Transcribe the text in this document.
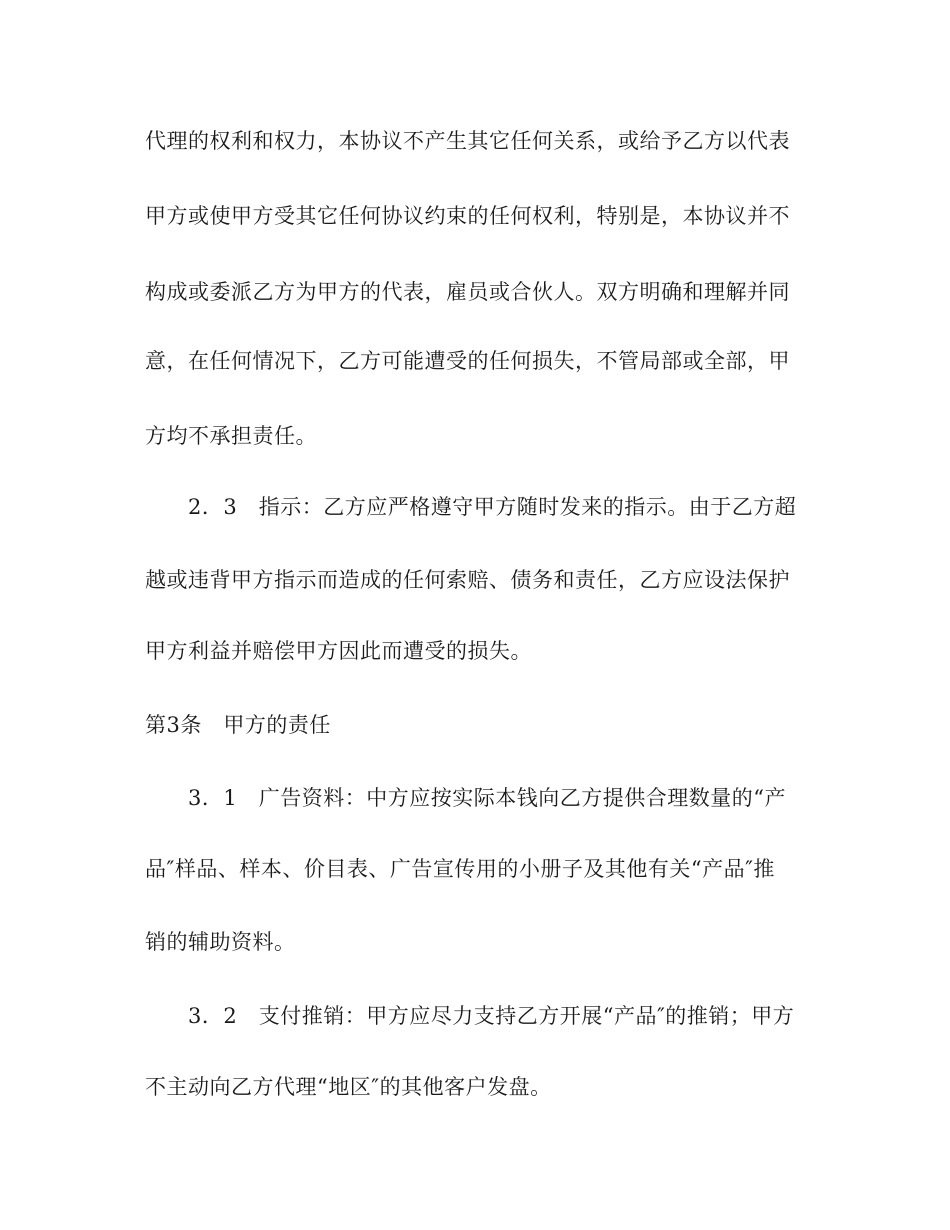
代理的权利和权力，本协议不产生其它任何关系，或给予乙方以代表
甲方或使甲方受其它任何协议约束的任何权利，特别是，本协议并不
构成或委派乙方为甲方的代表，雇员或合伙人。双方明确和理解并同
意，在任何情况下，乙方可能遭受的任何损失，不管局部或全部，甲
方均不承担责任。
　　2．3　指示：乙方应严格遵守甲方随时发来的指示。由于乙方超
越或违背甲方指示而造成的任何索赔、债务和责任，乙方应设法保护
甲方利益并赔偿甲方因此而遭受的损失。
第3条　甲方的责任
　　3．1　广告资料：中方应按实际本钱向乙方提供合理数量的“产
品″样品、样本、价目表、广告宣传用的小册子及其他有关“产品″推
销的辅助资料。
　　3．2　支付推销：甲方应尽力支持乙方开展“产品″的推销；甲方
不主动向乙方代理“地区″的其他客户发盘。
